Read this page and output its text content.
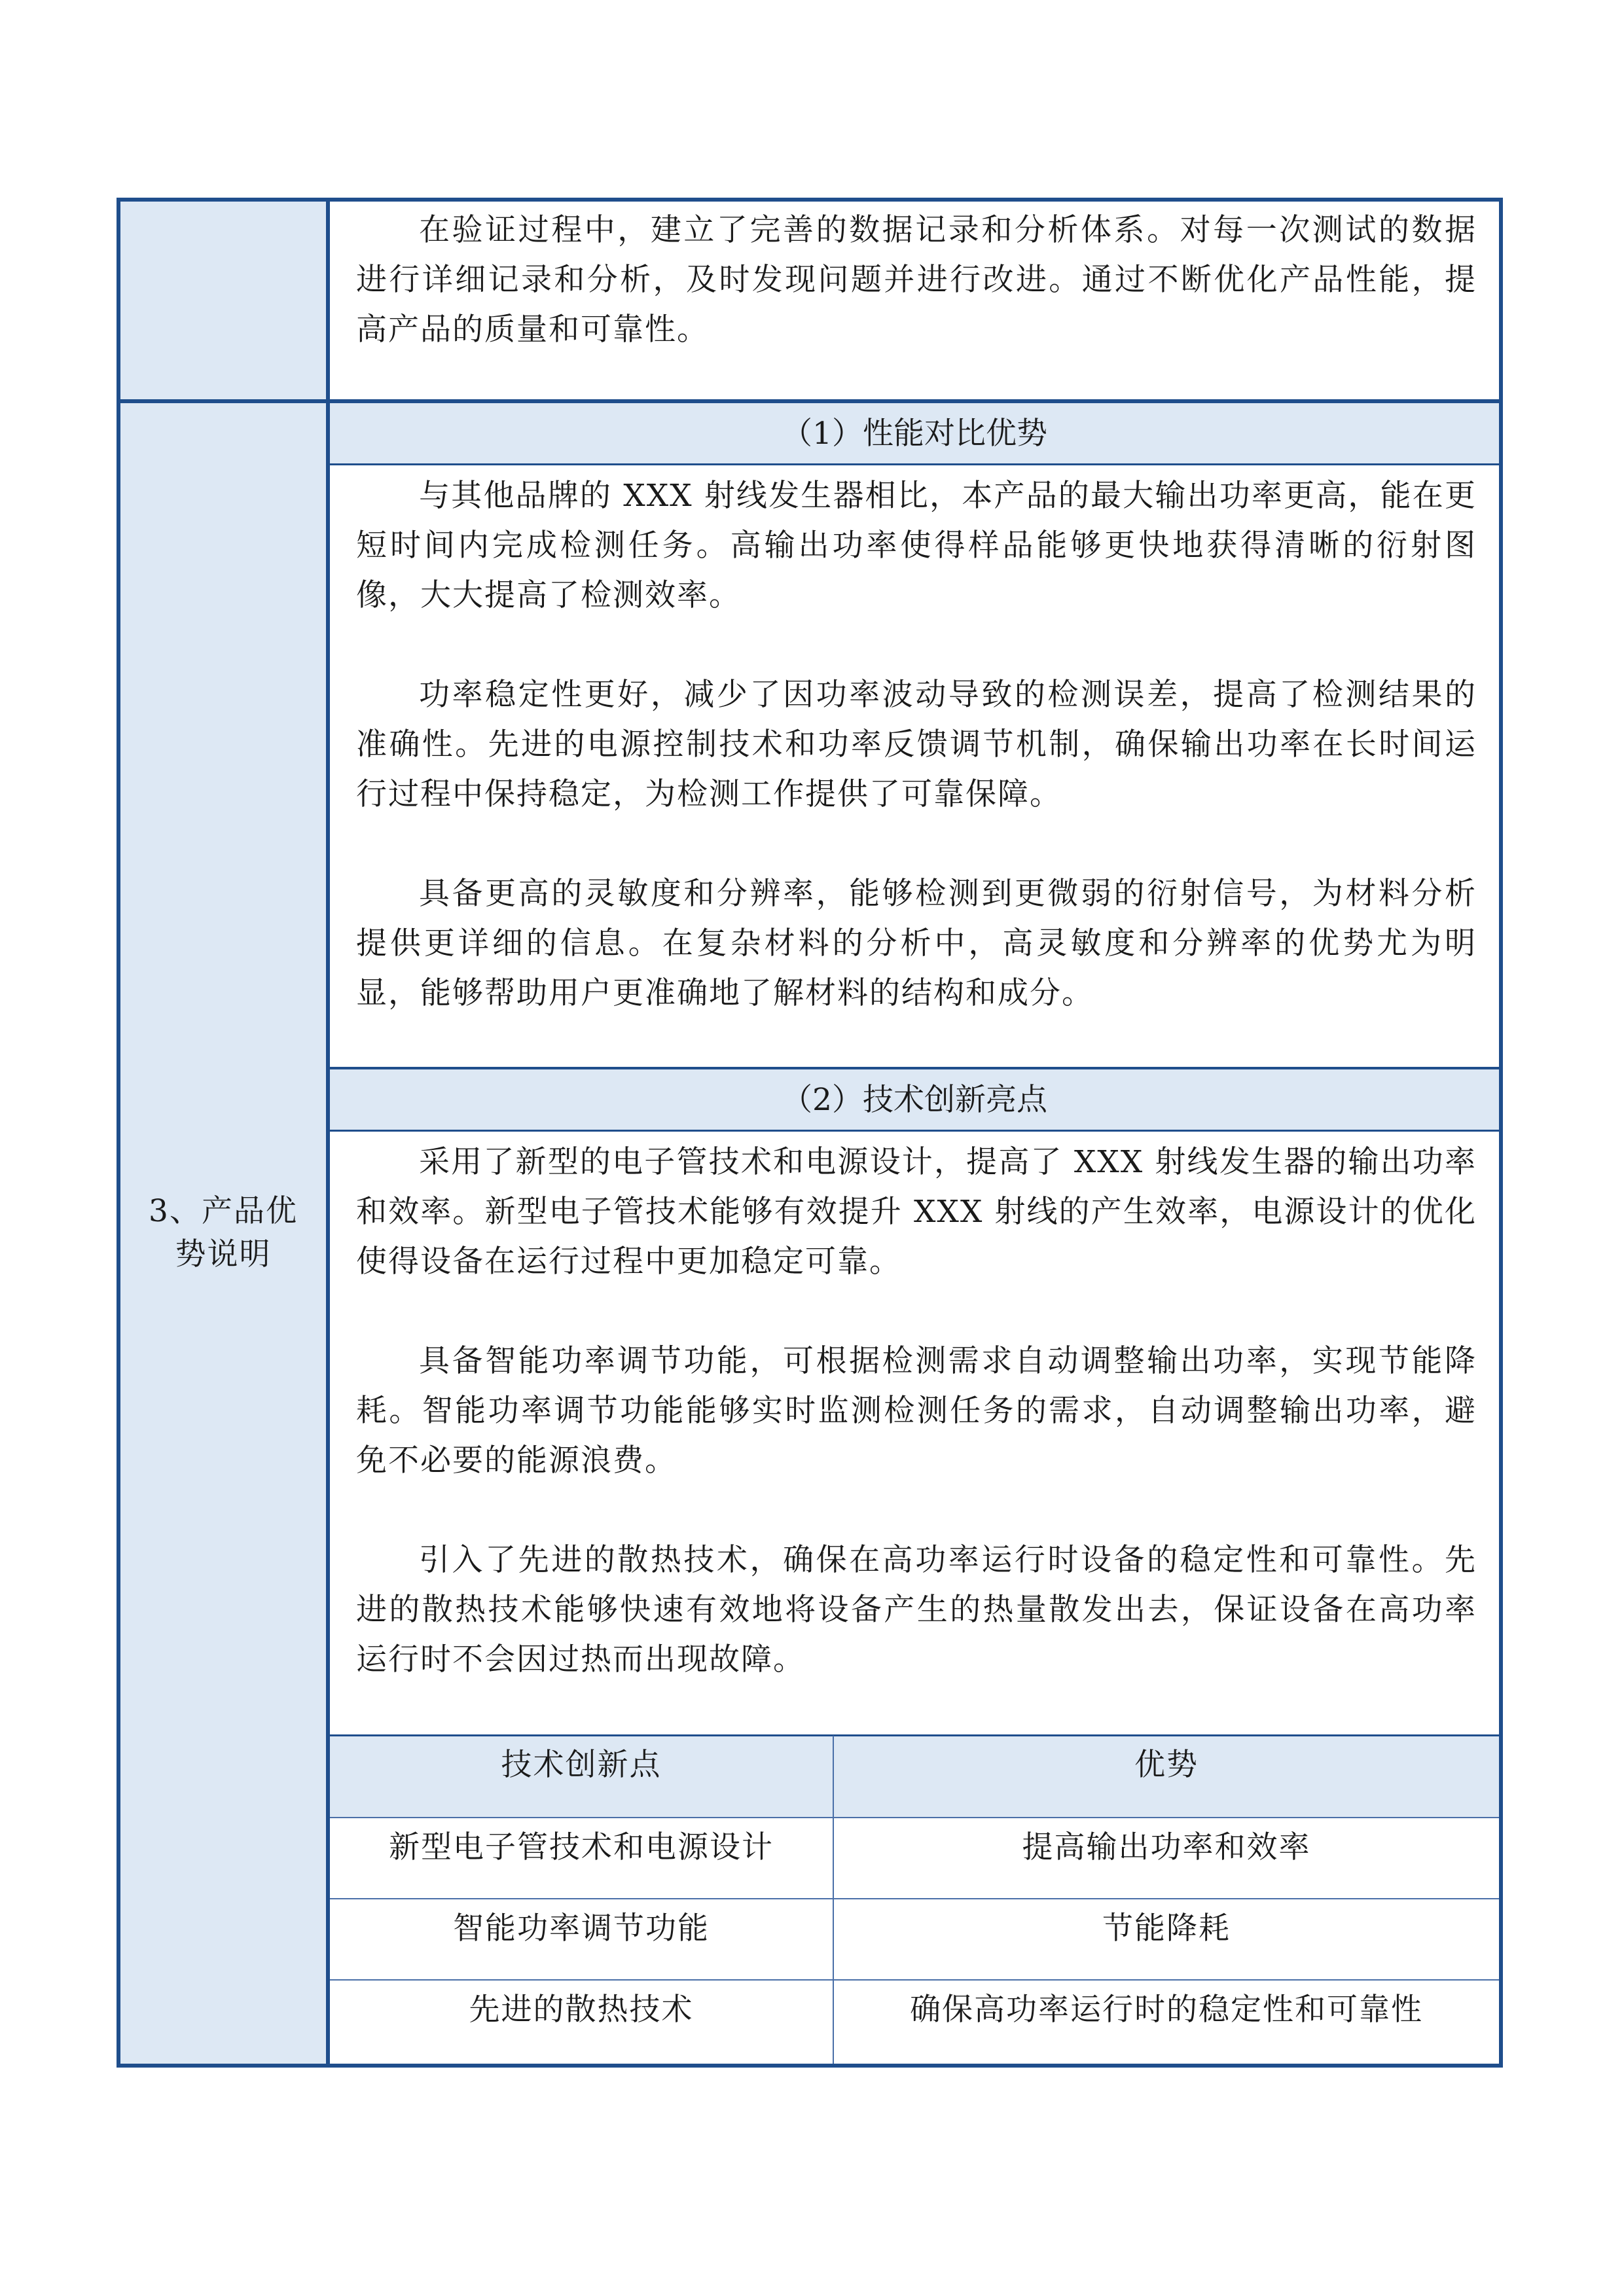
在验证过程中，建立了完善的数据记录和分析体系。对每一次测试的数据进行详细记录和分析，及时发现问题并进行改进。通过不断优化产品性能，提高产品的质量和可靠性。

3、产品优势说明
（1）性能对比优势

与其他品牌的 XXX 射线发生器相比，本产品的最大输出功率更高，能在更短时间内完成检测任务。高输出功率使得样品能够更快地获得清晰的衍射图像，大大提高了检测效率。

功率稳定性更好，减少了因功率波动导致的检测误差，提高了检测结果的准确性。先进的电源控制技术和功率反馈调节机制，确保输出功率在长时间运行过程中保持稳定，为检测工作提供了可靠保障。

具备更高的灵敏度和分辨率，能够检测到更微弱的衍射信号，为材料分析提供更详细的信息。在复杂材料的分析中，高灵敏度和分辨率的优势尤为明显，能够帮助用户更准确地了解材料的结构和成分。

（2）技术创新亮点

采用了新型的电子管技术和电源设计，提高了 XXX 射线发生器的输出功率和效率。新型电子管技术能够有效提升 XXX 射线的产生效率，电源设计的优化使得设备在运行过程中更加稳定可靠。

具备智能功率调节功能，可根据检测需求自动调整输出功率，实现节能降耗。智能功率调节功能能够实时监测检测任务的需求，自动调整输出功率，避免不必要的能源浪费。

引入了先进的散热技术，确保在高功率运行时设备的稳定性和可靠性。先进的散热技术能够快速有效地将设备产生的热量散发出去，保证设备在高功率运行时不会因过热而出现故障。

技术创新点	优势
新型电子管技术和电源设计	提高输出功率和效率
智能功率调节功能	节能降耗
先进的散热技术	确保高功率运行时的稳定性和可靠性
